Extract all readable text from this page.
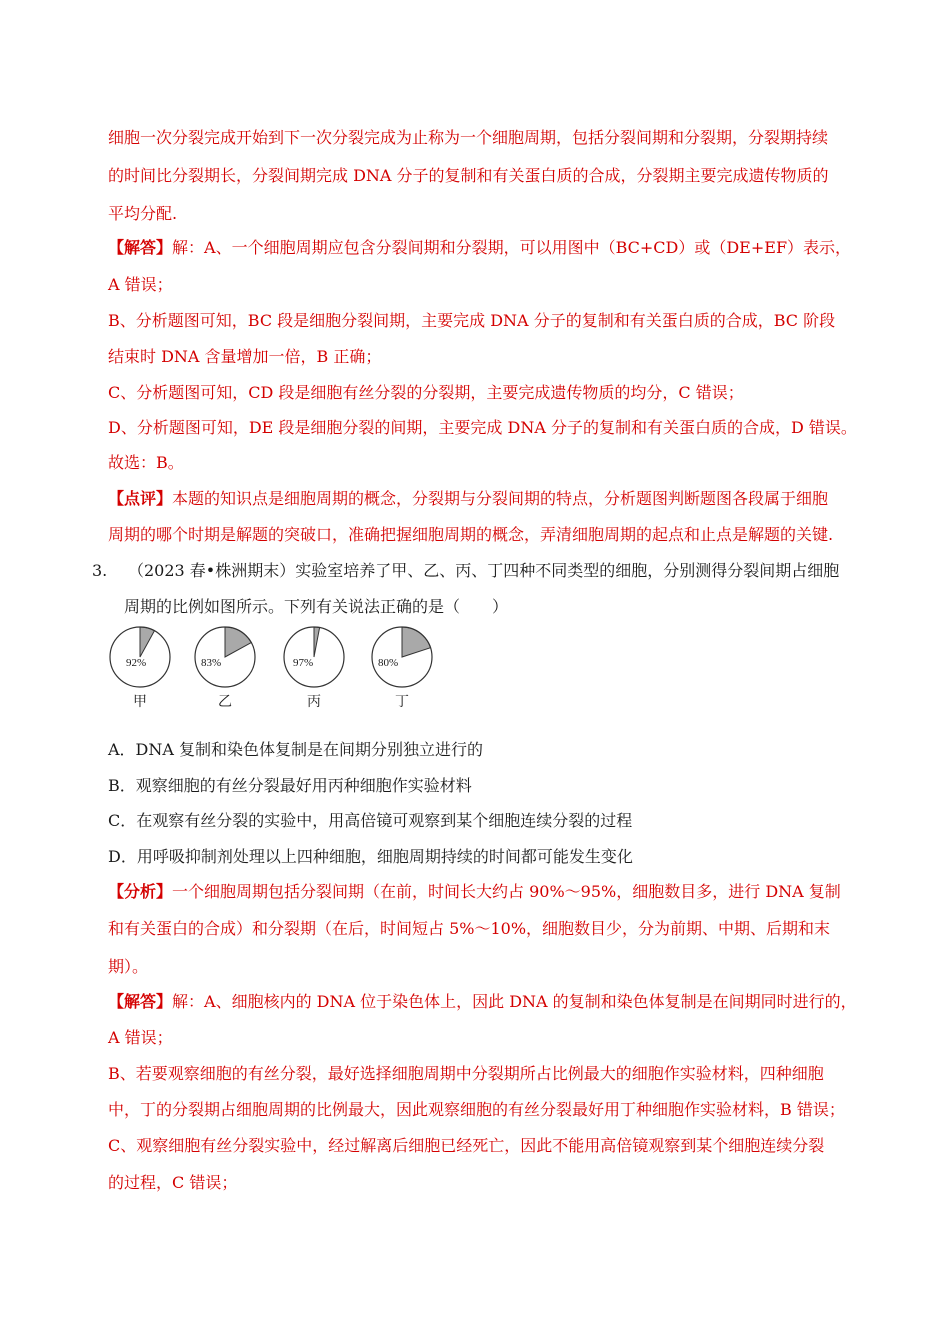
细胞一次分裂完成开始到下一次分裂完成为止称为一个细胞周期，包括分裂间期和分裂期，分裂期持续
的时间比分裂期长，分裂间期完成 DNA 分子的复制和有关蛋白质的合成，分裂期主要完成遗传物质的
平均分配.
【解答】解：A、一个细胞周期应包含分裂间期和分裂期，可以用图中（BC+CD）或（DE+EF）表示，
A 错误；
B、分析题图可知，BC 段是细胞分裂间期，主要完成 DNA 分子的复制和有关蛋白质的合成，BC 阶段
结束时 DNA 含量增加一倍，B 正确；
C、分析题图可知，CD 段是细胞有丝分裂的分裂期，主要完成遗传物质的均分，C 错误；
D、分析题图可知，DE 段是细胞分裂的间期，主要完成 DNA 分子的复制和有关蛋白质的合成，D 错误。
故选：B。
【点评】本题的知识点是细胞周期的概念，分裂期与分裂间期的特点，分析题图判断题图各段属于细胞
周期的哪个时期是解题的突破口，准确把握细胞周期的概念，弄清细胞周期的起点和止点是解题的关键.
3. （2023 春•株洲期末）实验室培养了甲、乙、丙、丁四种不同类型的细胞，分别测得分裂间期占细胞
周期的比例如图所示。下列有关说法正确的是（　　）
92%
甲
83%
乙
97%
丙
80%
丁
A．DNA 复制和染色体复制是在间期分别独立进行的
B．观察细胞的有丝分裂最好用丙种细胞作实验材料
C．在观察有丝分裂的实验中，用高倍镜可观察到某个细胞连续分裂的过程
D．用呼吸抑制剂处理以上四种细胞，细胞周期持续的时间都可能发生变化
【分析】一个细胞周期包括分裂间期（在前，时间长大约占 90%～95%，细胞数目多，进行 DNA 复制
和有关蛋白的合成）和分裂期（在后，时间短占 5%～10%，细胞数目少，分为前期、中期、后期和末
期）。
【解答】解：A、细胞核内的 DNA 位于染色体上，因此 DNA 的复制和染色体复制是在间期同时进行的，
A 错误；
B、若要观察细胞的有丝分裂，最好选择细胞周期中分裂期所占比例最大的细胞作实验材料，四种细胞
中，丁的分裂期占细胞周期的比例最大，因此观察细胞的有丝分裂最好用丁种细胞作实验材料，B 错误；
C、观察细胞有丝分裂实验中，经过解离后细胞已经死亡，因此不能用高倍镜观察到某个细胞连续分裂
的过程，C 错误；
